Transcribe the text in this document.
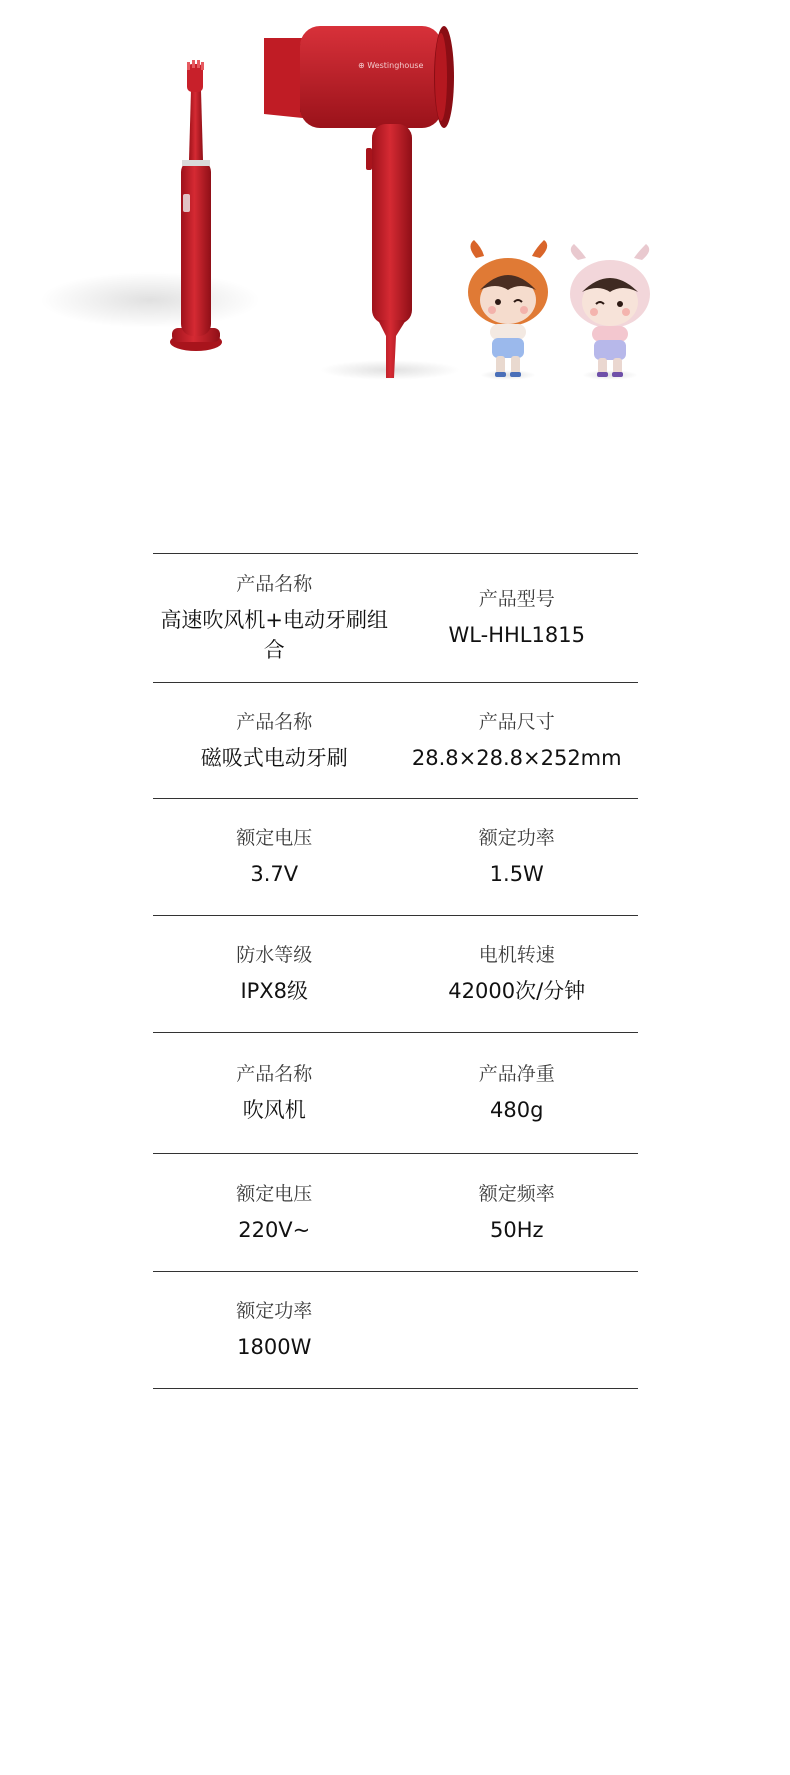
⊕ Westinghouse
产品名称
高速吹风机+电动牙刷组合
产品型号
WL-HHL1815
产品名称
磁吸式电动牙刷
产品尺寸
28.8×28.8×252mm
额定电压
3.7V
额定功率
1.5W
防水等级
IPX8级
电机转速
42000次/分钟
产品名称
吹风机
产品净重
480g
额定电压
220V~
额定频率
50Hz
额定功率
1800W
